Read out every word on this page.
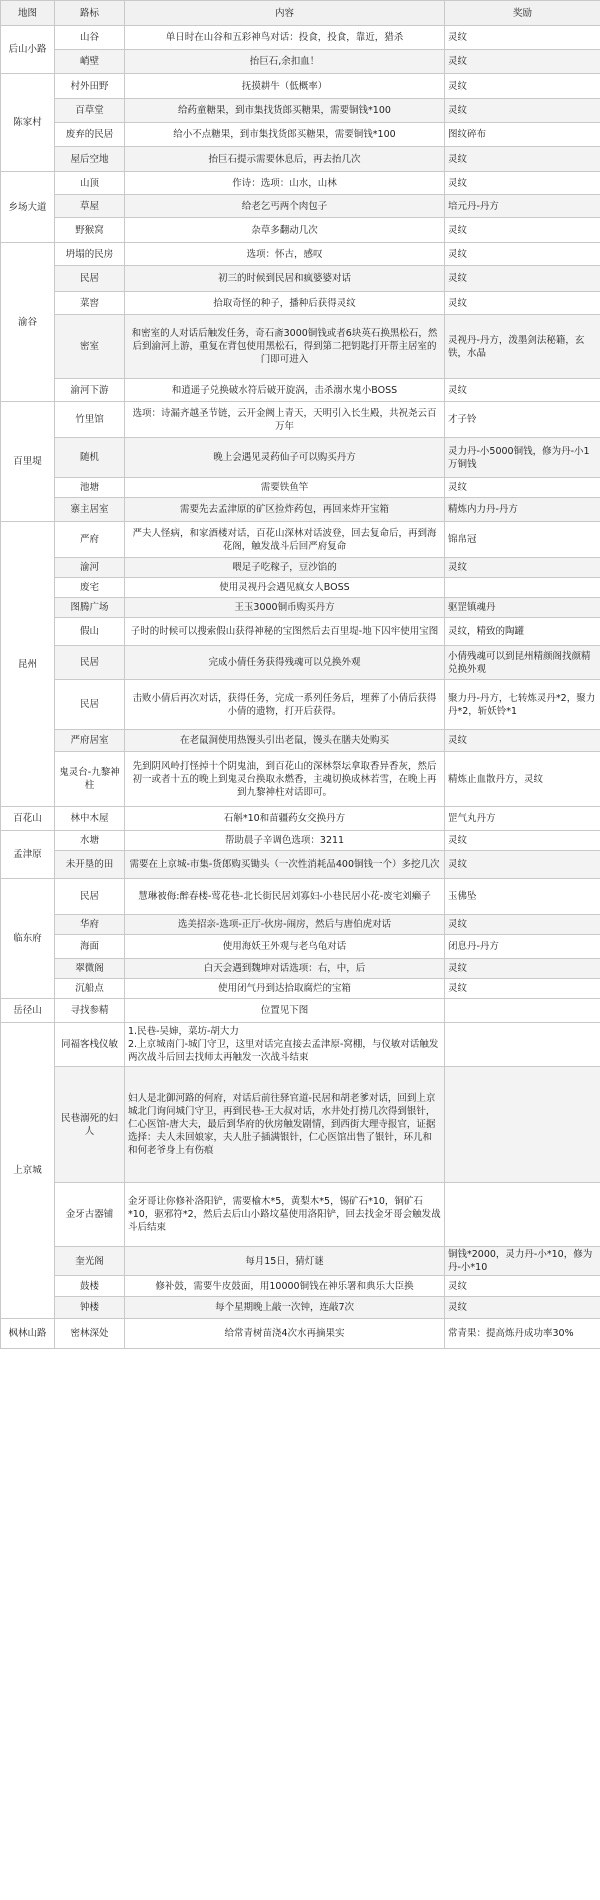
地图	路标	内容	奖励
后山小路	山谷	单日时在山谷和五彩神鸟对话：投食，投食，靠近，猎杀	灵纹
	峭壁	抬巨石,余扣血！	灵纹
陈家村	村外田野	抚摸耕牛（低概率）	灵纹
	百草堂	给药童糖果，到市集找货郎买糖果，需要铜钱*100	灵纹
	废弃的民居	给小不点糖果，到市集找货郎买糖果，需要铜钱*100	图纹碎布
	屋后空地	抬巨石提示需要休息后，再去抬几次	灵纹
乡场大道	山顶	作诗：选项：山水，山林	灵纹
	草屋	给老乞丐两个肉包子	培元丹-丹方
	野猴窝	杂草多翻动几次	灵纹
渝谷	坍塌的民房	选项：怀古，感叹	灵纹
	民居	初三的时候到民居和疯婆婆对话	灵纹
	菜窖	拾取奇怪的种子，播种后获得灵纹	灵纹
	密室	和密室的人对话后触发任务，奇石斋3000铜钱或者6块英石换黑松石，然后到渝河上游，重复在背包使用黑松石，得到第二把钥匙打开帮主居室的门即可进入	灵视丹-丹方，泼墨剑法秘籍，玄铁，水晶
	渝河下游	和逍遥子兑换破水符后破开旋涡，击杀溺水鬼小BOSS	灵纹
百里堤	竹里馆	选项：诗漏齐越圣节链，云开金阙上青天，天明引入长生殿，共祝尧云百万年	才子铃
	随机	晚上会遇见灵药仙子可以购买丹方	灵力丹-小5000铜钱，修为丹-小1万铜钱
	池塘	需要铁鱼竿	灵纹
	寨主居室	需要先去孟津原的矿区捡炸药包，再回来炸开宝箱	精炼内力丹-丹方
昆州	严府	严夫人怪病，和家酒楼对话，百花山深林对话波登，回去复命后，再到海花阁，触发战斗后回严府复命	锦帛冠
	渝河	喂足子吃稼子，豆沙馅的	灵纹
	废宅	使用灵视丹会遇见疯女人BOSS	
	图腾广场	王玉3000铜币购买丹方	驱罡镇魂丹
	假山	子时的时候可以搜索假山获得神秘的宝图然后去百里堤-地下囚牢使用宝图	灵纹，精致的陶罐
	民居	完成小倩任务获得残魂可以兑换外观	小倩残魂可以到昆州精颜阁找颜精兑换外观
	民居	击败小倩后再次对话，获得任务，完成一系列任务后，埋葬了小倩后获得小倩的遗物，打开后获得。	聚力丹-丹方，七转炼灵丹*2，聚力丹*2，斩妖铃*1
	严府居室	在老鼠洞使用热馒头引出老鼠，馒头在膳夫处购买	灵纹
	鬼灵台-九黎神柱	先到阴风岭打怪掉十个阴鬼油，到百花山的深林祭坛拿取香异香灰，然后初一或者十五的晚上到鬼灵台换取永燃香，主魂切换成林若雪，在晚上再到九黎神柱对话即可。	精炼止血散丹方，灵纹
百花山	林中木屋	石斛*10和苗疆药女交换丹方	罡气丸丹方
孟津原	水塘	帮助晨子辛调色选项：3211	灵纹
	未开垦的田	需要在上京城-市集-货郎购买锄头（一次性消耗品400铜钱一个）多挖几次	灵纹
临东府	民居	慧琳被侮:醉春楼-莺花巷-北长街民居刘寡妇-小巷民居小花-废宅刘癞子	玉佛坠
	华府	选美招亲-选项-正厅-伙房-闹房，然后与唐伯虎对话	灵纹
	海面	使用海妖王外观与老乌龟对话	闭息丹-丹方
	翠微阁	白天会遇到魏坤对话选项：右，中，后	灵纹
	沉船点	使用闭气丹到达拾取腐烂的宝箱	灵纹
岳径山	寻找参精	位置见下图	
上京城	同福客栈仪敏	1.民巷-吴婶，菜坊-胡大力
2.上京城南门-城门守卫，这里对话完直接去孟津原-窝棚，与仪敏对话触发两次战斗后回去找师太再触发一次战斗结束	
	民巷溺死的妇人	妇人是北御河路的何府，对话后前往驿官道-民居和胡老爹对话，回到上京城北门询问城门守卫，再到民巷-王大叔对话，水井处打捞几次得到银针，仁心医馆-唐大夫，最后到华府的伙房触发剧情，到西街大理寺报官，证据选择：夫人未回娘家，夫人肚子插满银针，仁心医馆出售了银针，环儿和和何老爷身上有伤痕	
	金牙古器铺	金牙哥让你修补洛阳铲，需要榆木*5，黄梨木*5，锡矿石*10，铜矿石*10，驱邪符*2，然后去后山小路坟墓使用洛阳铲，回去找金牙哥会触发战斗后结束	
	奎光阁	每月15日，猜灯谜	铜钱*2000，灵力丹-小*10，修为丹-小*10
	鼓楼	修补鼓，需要牛皮鼓面，用10000铜钱在神乐署和典乐大臣换	灵纹
	钟楼	每个星期晚上敲一次钟，连敲7次	灵纹
枫林山路	密林深处	给常青树苗浇4次水再摘果实	常青果：提高炼丹成功率30%
